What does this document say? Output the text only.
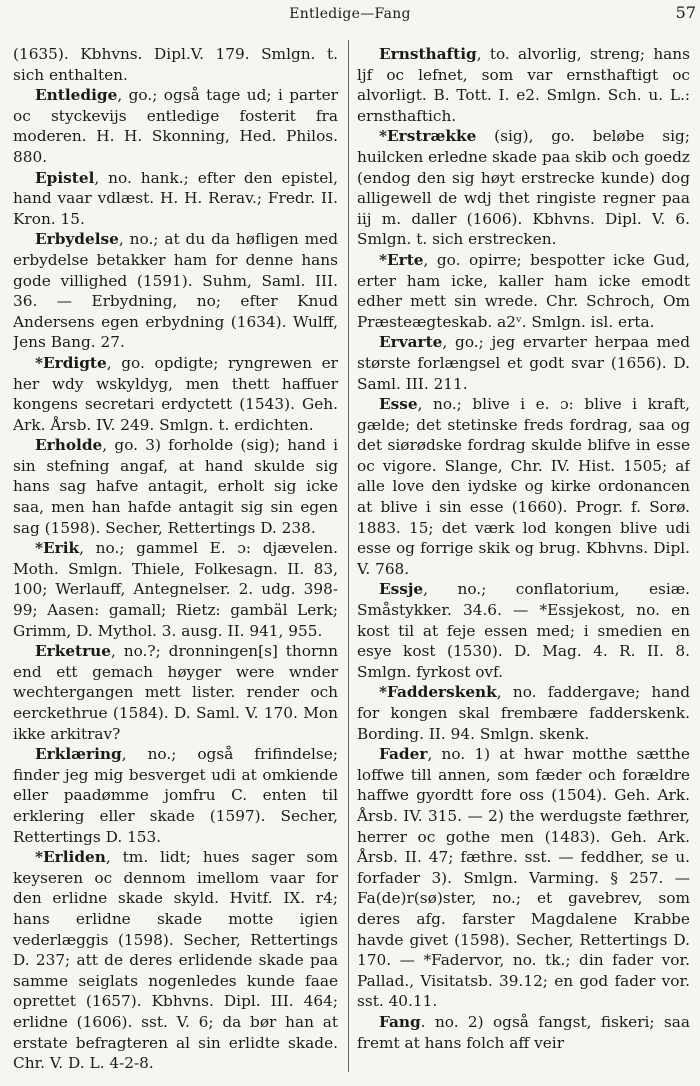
Entledige—Fang	57

(1635). Kbhvns. Dipl.V. 179. Smlgn. t. sich enthalten.

Entledige, go.; også tage ud; i parter oc styckevijs entledige fosterit fra moderen. H. H. Skonning, Hed. Philos. 880.

Epistel, no. hank.; efter den epistel, hand vaar vdlæst. H. H. Rerav.; Fredr. II. Kron. 15.

Erbydelse, no.; at du da høfligen med erbydelse betakker ham for denne hans gode villighed (1591). Suhm, Saml. III. 36. — Erbydning, no; efter Knud Andersens egen erbydning (1634). Wulff, Jens Bang. 27.

*Erdigte, go. opdigte; ryngrewen er her wdy wskyldyg, men thett haffuer kongens secretari erdyctett (1543). Geh. Ark. Årsb. IV. 249. Smlgn. t. erdichten.

Erholde, go. 3) forholde (sig); hand i sin stefning angaf, at hand skulde sig hans sag hafve antagit, erholt sig icke saa, men han hafde antagit sig sin egen sag (1598). Secher, Rettertings D. 238.

*Erik, no.; gammel E. ɔ: djævelen. Moth. Smlgn. Thiele, Folkesagn. II. 83, 100; Werlauff, Antegnelser. 2. udg. 398-99; Aasen: gamall; Rietz: gambäl Lerk; Grimm, D. Mythol. 3. ausg. II. 941, 955.

Erketrue, no.?; dronningen[s] thornn end ett gemach høyger were wnder wechtergangen mett lister. render och eerckethrue (1584). D. Saml. V. 170. Mon ikke arkitrav?

Erklæring, no.; også frifindelse; finder jeg mig besverget udi at omkiende eller paadømme jomfru C. enten til erklering eller skade (1597). Secher, Rettertings D. 153.

*Erliden, tm. lidt; hues sager som keyseren oc dennom imellom vaar for den erlidne skade skyld. Hvitf. IX. r4; hans erlidne skade motte igien vederlæggis (1598). Secher, Rettertings D. 237; att de deres erlidende skade paa samme seiglats nogenledes kunde faae oprettet (1657). Kbhvns. Dipl. III. 464; erlidne (1606). sst. V. 6; da bør han at erstate befragteren al sin erlidte skade. Chr. V. D. L. 4-2-8.

Ernsthaftig, to. alvorlig, streng; hans ljf oc lefnet, som var ernsthaftigt oc alvorligt. B. Tott. I. e2. Smlgn. Sch. u. L.: ernsthaftich.

*Erstrække (sig), go. beløbe sig; huilcken erledne skade paa skib och goedz (endog den sig høyt erstrecke kunde) dog alligewell de wdj thet ringiste regner paa iij m. daller (1606). Kbhvns. Dipl. V. 6. Smlgn. t. sich erstrecken.

*Erte, go. opirre; bespotter icke Gud, erter ham icke, kaller ham icke emodt edher mett sin wrede. Chr. Schroch, Om Præsteægteskab. a2ᵛ. Smlgn. isl. erta.

Ervarte, go.; jeg ervarter herpaa med største forlængsel et godt svar (1656). D. Saml. III. 211.

Esse, no.; blive i e. ɔ: blive i kraft, gælde; det stetinske freds fordrag, saa og det siørødske fordrag skulde blifve in esse oc vigore. Slange, Chr. IV. Hist. 1505; af alle love den iydske og kirke ordonancen at blive i sin esse (1660). Progr. f. Sorø. 1883. 15; det værk lod kongen blive udi esse og forrige skik og brug. Kbhvns. Dipl. V. 768.

Essje, no.; conflatorium, esiæ. Småstykker. 34.6. — *Essjekost, no. en kost til at feje essen med; i smedien en esye kost (1530). D. Mag. 4. R. II. 8. Smlgn. fyrkost ovf.

*Fadderskenk, no. faddergave; hand for kongen skal frembære fadderskenk. Bording. II. 94. Smlgn. skenk.

Fader, no. 1) at hwar motthe sætthe loffwe till annen, som fæder och forældre haffwe gyordtt fore oss (1504). Geh. Ark. Årsb. IV. 315. — 2) the werdugste fæthrer, herrer oc gothe men (1483). Geh. Ark. Årsb. II. 47; fæthre. sst. — feddher, se u. forfader 3). Smlgn. Varming. § 257. — Fa(de)r(sø)ster, no.; et gavebrev, som deres afg. farster Magdalene Krabbe havde givet (1598). Secher, Rettertings D. 170. — *Fadervor, no. tk.; din fader vor. Pallad., Visitatsb. 39.12; en god fader vor. sst. 40.11.

Fang. no. 2) også fangst, fiskeri; saa fremt at hans folch aff veir
